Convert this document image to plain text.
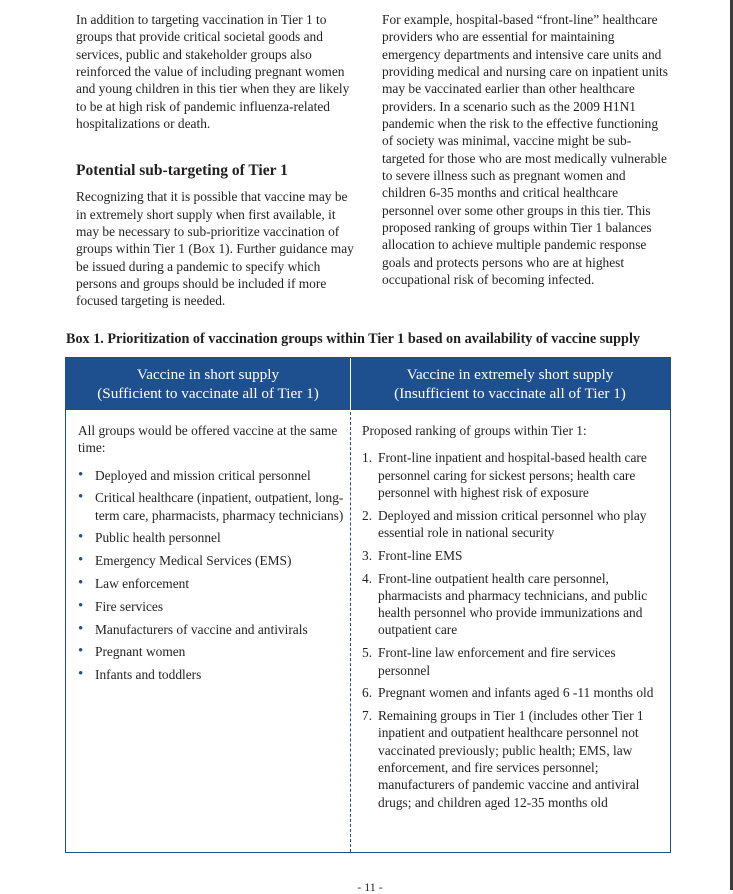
In addition to targeting vaccination in Tier 1 to groups that provide critical societal goods and services, public and stakeholder groups also reinforced the value of including pregnant women and young children in this tier when they are likely to be at high risk of pandemic influenza-related hospitalizations or death.

Potential sub-targeting of Tier 1

Recognizing that it is possible that vaccine may be in extremely short supply when first available, it may be necessary to sub-prioritize vaccination of groups within Tier 1 (Box 1). Further guidance may be issued during a pandemic to specify which persons and groups should be included if more focused targeting is needed.

For example, hospital-based “front-line” healthcare providers who are essential for maintaining emergency departments and intensive care units and providing medical and nursing care on inpatient units may be vaccinated earlier than other healthcare providers. In a scenario such as the 2009 H1N1 pandemic when the risk to the effective functioning of society was minimal, vaccine might be sub-targeted for those who are most medically vulnerable to severe illness such as pregnant women and children 6-35 months and critical healthcare personnel over some other groups in this tier. This proposed ranking of groups within Tier 1 balances allocation to achieve multiple pandemic response goals and protects persons who are at highest occupational risk of becoming infected.

Box 1. Prioritization of vaccination groups within Tier 1 based on availability of vaccine supply
Vaccine in short supply
(Sufficient to vaccinate all of Tier 1)
Vaccine in extremely short supply
(Insufficient to vaccinate all of Tier 1)

All groups would be offered vaccine at the same time:

• Deployed and mission critical personnel
• Critical healthcare (inpatient, outpatient, long-term care, pharmacists, pharmacy technicians)
• Public health personnel
• Emergency Medical Services (EMS)
• Law enforcement
• Fire services
• Manufacturers of vaccine and antivirals
• Pregnant women
• Infants and toddlers

Proposed ranking of groups within Tier 1:

1. Front-line inpatient and hospital-based health care personnel caring for sickest persons; health care personnel with highest risk of exposure
2. Deployed and mission critical personnel who play essential role in national security
3. Front-line EMS
4. Front-line outpatient health care personnel, pharmacists and pharmacy technicians, and public health personnel who provide immunizations and outpatient care
5. Front-line law enforcement and fire services personnel
6. Pregnant women and infants aged 6 -11 months old
7. Remaining groups in Tier 1 (includes other Tier 1 inpatient and outpatient healthcare personnel not vaccinated previously; public health; EMS, law enforcement, and fire services personnel; manufacturers of pandemic vaccine and antiviral drugs; and children aged 12-35 months old
- 11 -
